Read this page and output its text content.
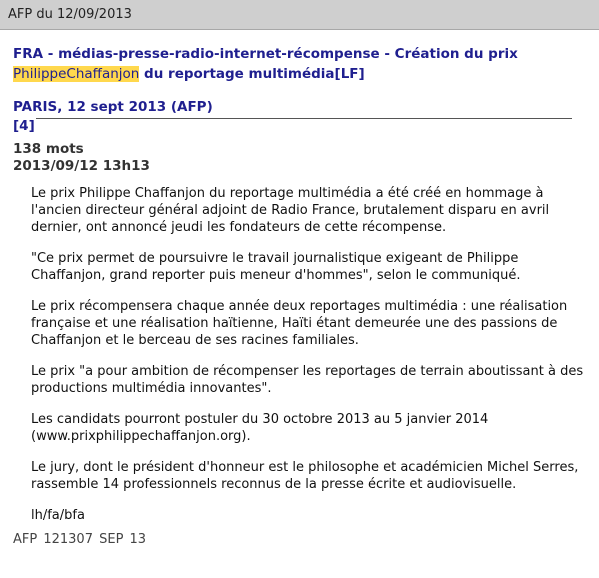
AFP du 12/09/2013
FRA - médias-presse-radio-internet-récompense - Création du prix
PhilippeChaffanjon du reportage multimédia[LF]
PARIS, 12 sept 2013 (AFP)
[4]
138 mots
2013/09/12 13h13

Le prix Philippe Chaffanjon du reportage multimédia a été créé en hommage à l'ancien directeur général adjoint de Radio France, brutalement disparu en avril dernier, ont annoncé jeudi les fondateurs de cette récompense.

"Ce prix permet de poursuivre le travail journalistique exigeant de Philippe Chaffanjon, grand reporter puis meneur d'hommes", selon le communiqué.

Le prix récompensera chaque année deux reportages multimédia : une réalisation française et une réalisation haïtienne, Haïti étant demeurée une des passions de Chaffanjon et le berceau de ses racines familiales.

Le prix "a pour ambition de récompenser les reportages de terrain aboutissant à des productions multimédia innovantes".

Les candidats pourront postuler du 30 octobre 2013 au 5 janvier 2014 (www.prixphilippechaffanjon.org).

Le jury, dont le président d'honneur est le philosophe et académicien Michel Serres, rassemble 14 professionnels reconnus de la presse écrite et audiovisuelle.

lh/fa/bfa

AFP 121307 SEP 13
